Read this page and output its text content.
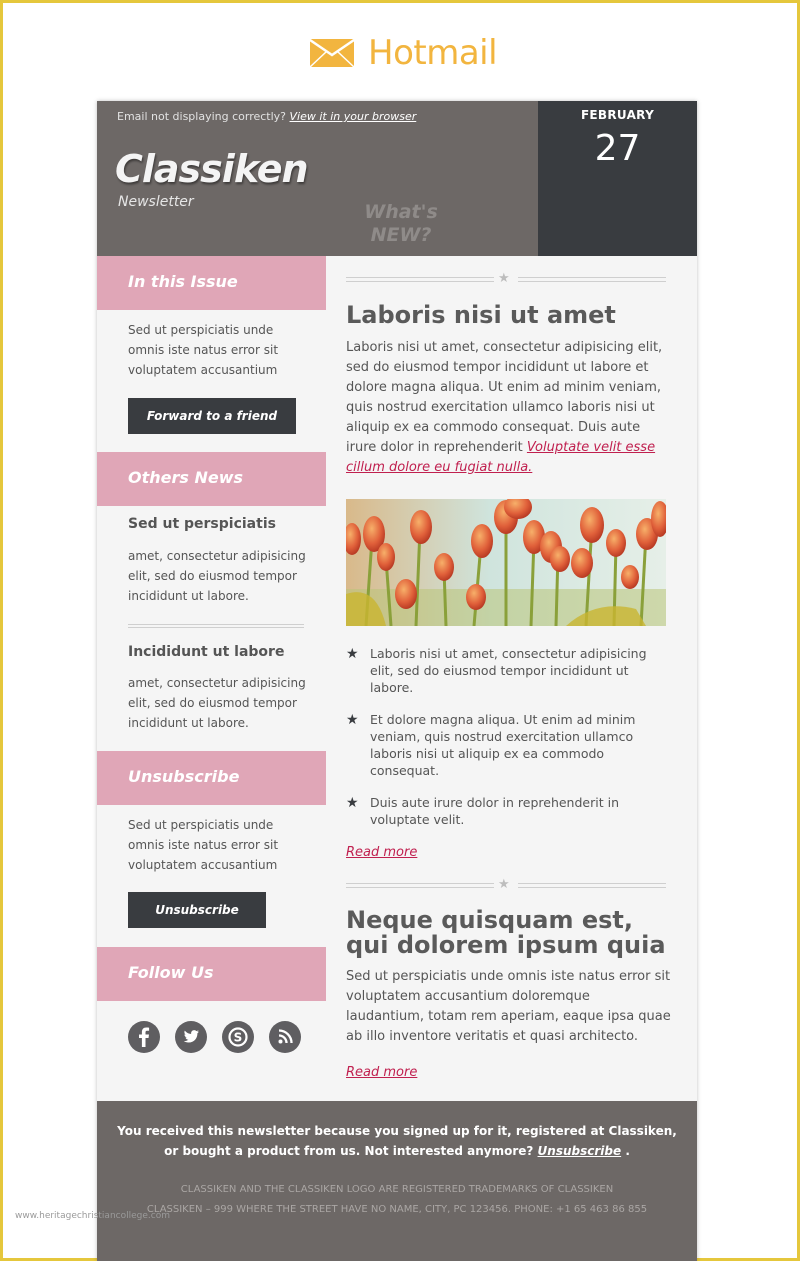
Hotmail
Email not displaying correctly? View it in your browser
Classiken
Newsletter	What's NEW?
FEBRUARY
27
In this Issue
Sed ut perspiciatis unde omnis iste natus error sit voluptatem accusantium
Forward to a friend
Others News
Sed ut perspiciatis
amet, consectetur adipisicing elit, sed do eiusmod tempor incididunt ut labore.
Incididunt ut labore
amet, consectetur adipisicing elit, sed do eiusmod tempor incididunt ut labore.
Unsubscribe
Sed ut perspiciatis unde omnis iste natus error sit voluptatem accusantium
Unsubscribe
Follow Us
S
★
Laboris nisi ut amet
Laboris nisi ut amet, consectetur adipisicing elit, sed do eiusmod tempor incididunt ut labore et dolore magna aliqua. Ut enim ad minim veniam, quis nostrud exercitation ullamco laboris nisi ut aliquip ex ea commodo consequat. Duis aute irure dolor in reprehenderit Voluptate velit esse cillum dolore eu fugiat nulla.
★ Laboris nisi ut amet, consectetur adipisicing elit, sed do eiusmod tempor incididunt ut labore.
★ Et dolore magna aliqua. Ut enim ad minim veniam, quis nostrud exercitation ullamco laboris nisi ut aliquip ex ea commodo consequat.
★ Duis aute irure dolor in reprehenderit in voluptate velit.
Read more
★
Neque quisquam est, qui dolorem ipsum quia
Sed ut perspiciatis unde omnis iste natus error sit voluptatem accusantium doloremque laudantium, totam rem aperiam, eaque ipsa quae ab illo inventore veritatis et quasi architecto.
Read more
You received this newsletter because you signed up for it, registered at Classiken, or bought a product from us. Not interested anymore? Unsubscribe .
CLASSIKEN AND THE CLASSIKEN LOGO ARE REGISTERED TRADEMARKS OF CLASSIKEN
CLASSIKEN – 999 WHERE THE STREET HAVE NO NAME, CITY, PC 123456. PHONE: +1 65 463 86 855
www.heritagechristiancollege.com
